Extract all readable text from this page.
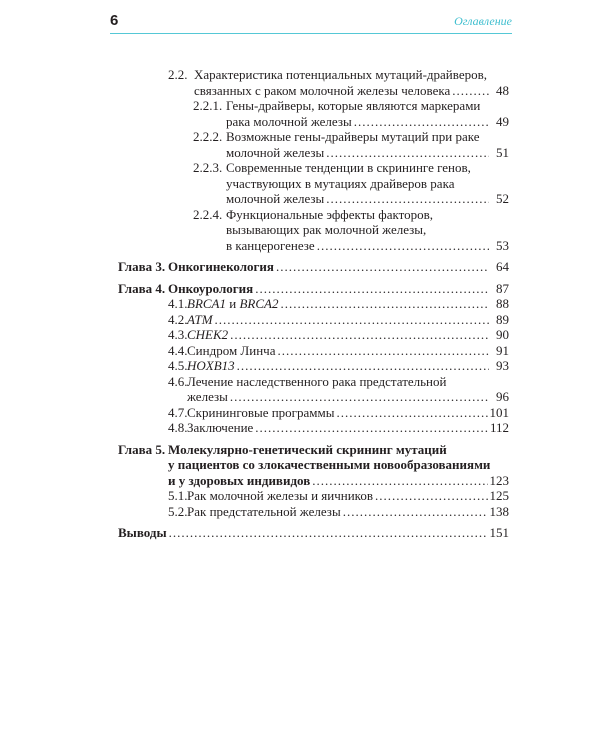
6	Оглавление
2.2. Характеристика потенциальных мутаций-драйверов,
связанных с раком молочной железы человека .....	48
2.2.1. Гены-драйверы, которые являются маркерами
рака молочной железы .....	49
2.2.2. Возможные гены-драйверы мутаций при раке
молочной железы .....	51
2.2.3. Современные тенденции в скрининге генов,
участвующих в мутациях драйверов рака
молочной железы .....	52
2.2.4. Функциональные эффекты факторов,
вызывающих рак молочной железы,
в канцерогенезе .....	53
Глава 3. Онкогинекология .....	64
Глава 4. Онкоурология .....	87
4.1. BRCA1 и BRCA2 .....	88
4.2. ATM .....	89
4.3. CHEK2 .....	90
4.4. Синдром Линча .....	91
4.5. HOXB13 .....	93
4.6. Лечение наследственного рака предстательной
железы .....	96
4.7. Скрининговые программы .....	101
4.8. Заключение .....	112
Глава 5. Молекулярно-генетический скрининг мутаций
у пациентов со злокачественными новообразованиями
и у здоровых индивидов .....	123
5.1. Рак молочной железы и яичников .....	125
5.2. Рак предстательной железы .....	138
Выводы .....	151
